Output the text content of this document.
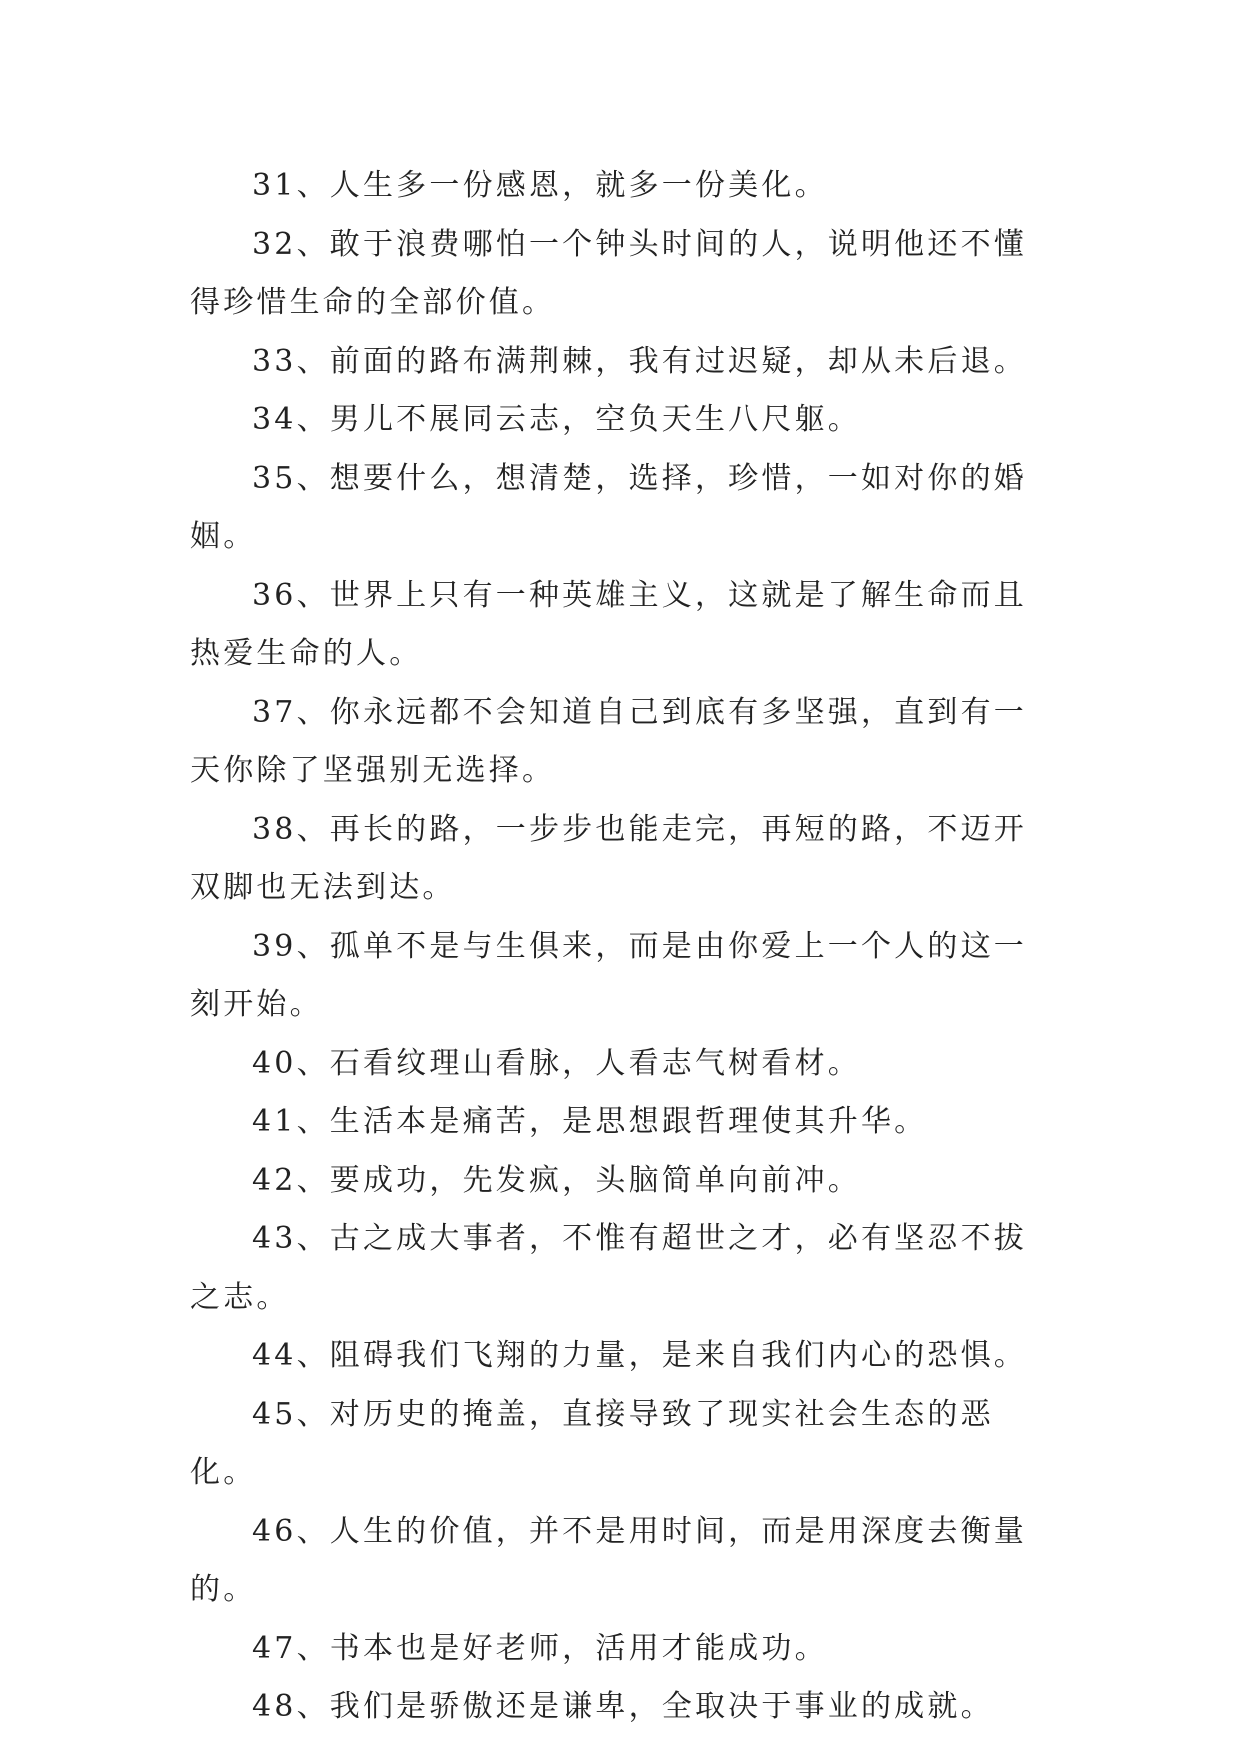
31、人生多一份感恩，就多一份美化。

32、敢于浪费哪怕一个钟头时间的人，说明他还不懂得珍惜生命的全部价值。

33、前面的路布满荆棘，我有过迟疑，却从未后退。

34、男儿不展同云志，空负天生八尺躯。

35、想要什么，想清楚，选择，珍惜，一如对你的婚姻。

36、世界上只有一种英雄主义，这就是了解生命而且热爱生命的人。

37、你永远都不会知道自己到底有多坚强，直到有一天你除了坚强别无选择。

38、再长的路，一步步也能走完，再短的路，不迈开双脚也无法到达。

39、孤单不是与生俱来，而是由你爱上一个人的这一刻开始。

40、石看纹理山看脉，人看志气树看材。

41、生活本是痛苦，是思想跟哲理使其升华。

42、要成功，先发疯，头脑简单向前冲。

43、古之成大事者，不惟有超世之才，必有坚忍不拔之志。

44、阻碍我们飞翔的力量，是来自我们内心的恐惧。

45、对历史的掩盖，直接导致了现实社会生态的恶化。

46、人生的价值，并不是用时间，而是用深度去衡量的。

47、书本也是好老师，活用才能成功。

48、我们是骄傲还是谦卑，全取决于事业的成就。
